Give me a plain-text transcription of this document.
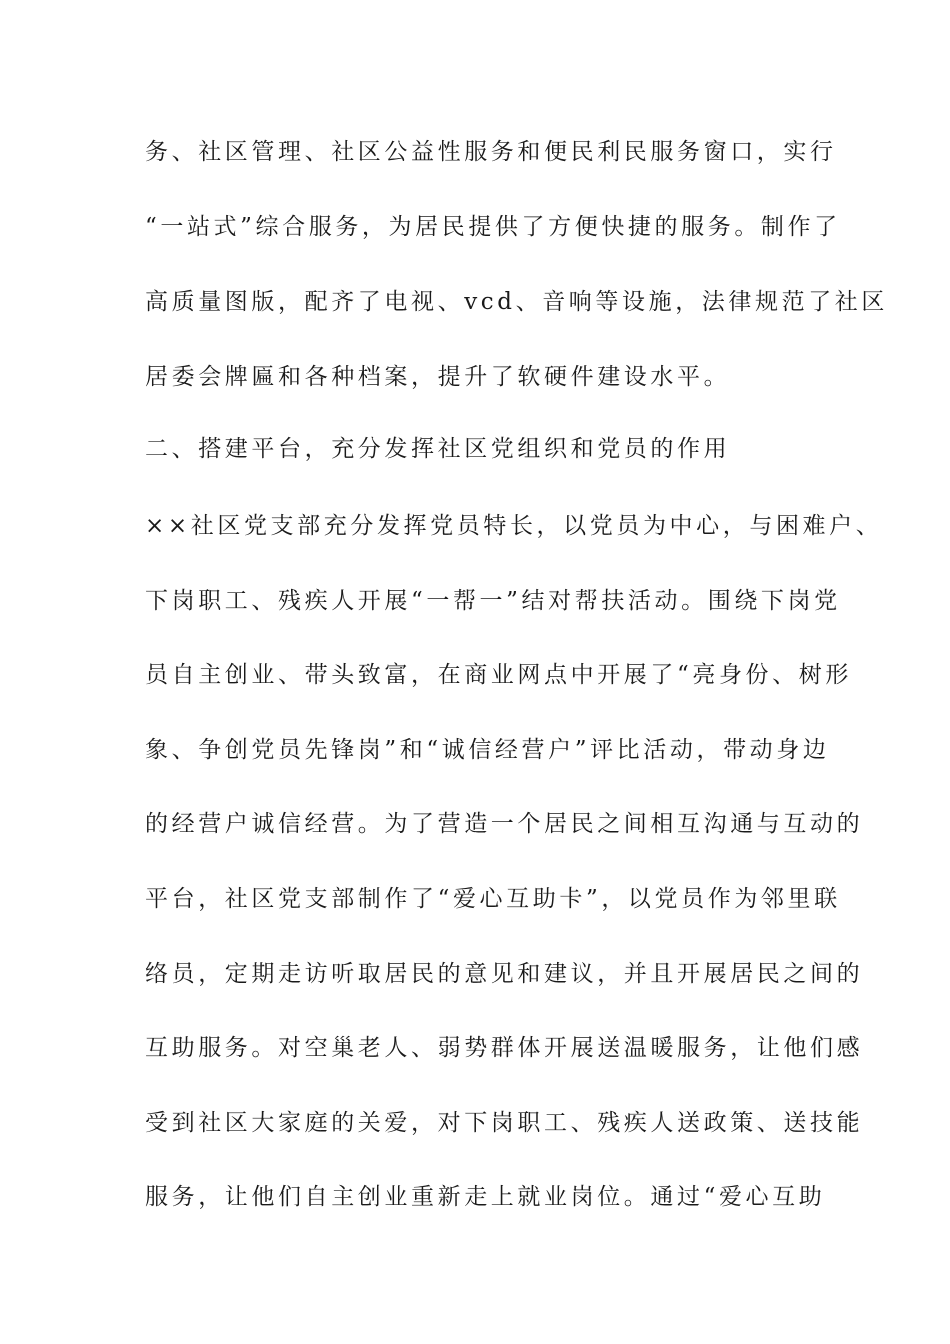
务、社区管理、社区公益性服务和便民利民服务窗口，实行

“一站式”综合服务，为居民提供了方便快捷的服务。制作了

高质量图版，配齐了电视、vcd、音响等设施，法律规范了社区

居委会牌匾和各种档案，提升了软硬件建设水平。

二、搭建平台，充分发挥社区党组织和党员的作用

××社区党支部充分发挥党员特长，以党员为中心，与困难户、

下岗职工、残疾人开展“一帮一”结对帮扶活动。围绕下岗党

员自主创业、带头致富，在商业网点中开展了“亮身份、树形

象、争创党员先锋岗”和“诚信经营户”评比活动，带动身边

的经营户诚信经营。为了营造一个居民之间相互沟通与互动的

平台，社区党支部制作了“爱心互助卡”，以党员作为邻里联

络员，定期走访听取居民的意见和建议，并且开展居民之间的

互助服务。对空巢老人、弱势群体开展送温暖服务，让他们感

受到社区大家庭的关爱，对下岗职工、残疾人送政策、送技能

服务，让他们自主创业重新走上就业岗位。通过“爱心互助
